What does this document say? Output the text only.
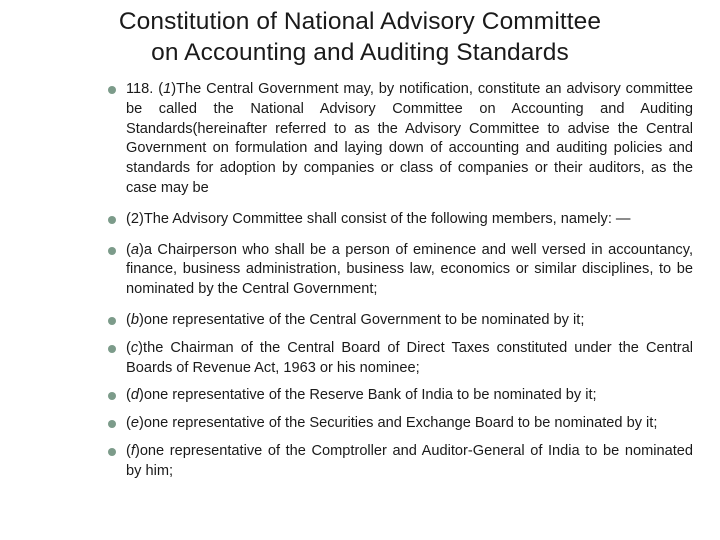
Constitution of National Advisory Committee
on Accounting and Auditing Standards
118. (1)The Central Government may, by notification, constitute an advisory committee be called the National Advisory Committee on Accounting and Auditing Standards(hereinafter referred to as the Advisory Committee to advise the Central Government on formulation and laying down of accounting and auditing policies and standards for adoption by companies or class of companies or their auditors, as the case may be
(2)The Advisory Committee shall consist of the following members, namely: —
(a)a Chairperson who shall be a person of eminence and well versed in accountancy, finance, business administration, business law, economics or similar disciplines, to be nominated by the Central Government;
(b)one representative of the Central Government to be nominated by it;
(c)the Chairman of the Central Board of Direct Taxes constituted under the Central Boards of Revenue Act, 1963 or his nominee;
(d)one representative of the Reserve Bank of India to be nominated by it;
(e)one representative of the Securities and Exchange Board to be nominated by it;
(f)one representative of the Comptroller and Auditor-General of India to be nominated by him;
